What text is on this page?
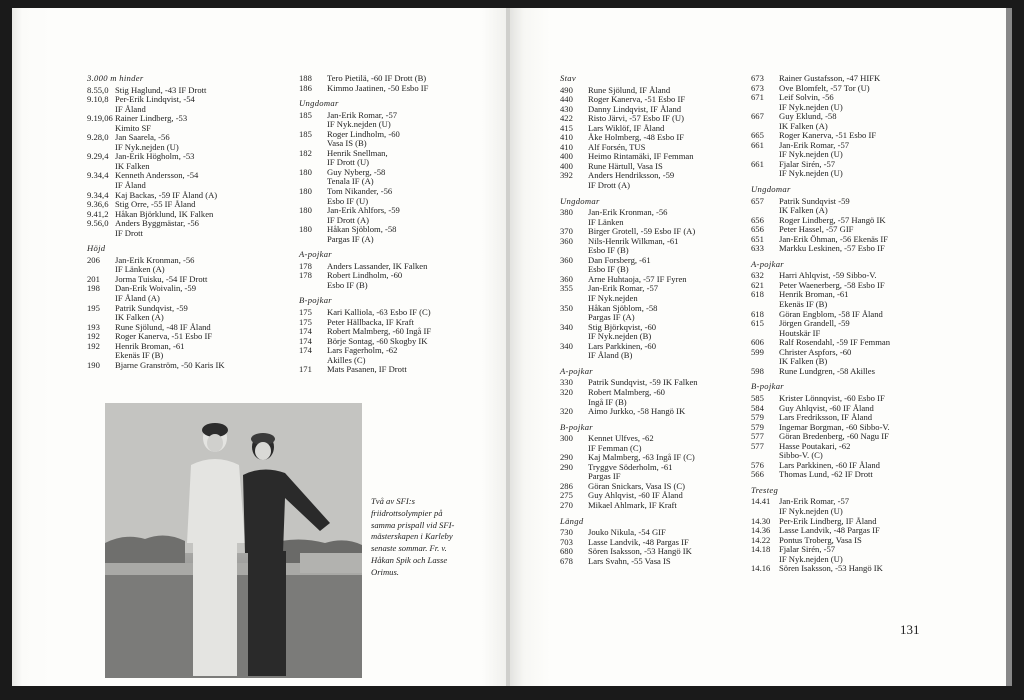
3.000 m hinder
8.55,0 Stig Haglund, -43 IF Drott
9.10,8 Per-Erik Lindqvist, -54
IF Åland
9.19,06 Rainer Lindberg, -53
Kimito SF
9.28,0 Jan Saarela, -56
IF Nyk.nejden (U)
9.29,4 Jan-Erik Högholm, -53
IK Falken
9.34,4 Kenneth Andersson, -54
IF Åland
9.34,4 Kaj Backas, -59 IF Åland (A)
9.36,6 Stig Orre, -55 IF Åland
9.41,2 Håkan Björklund, IK Falken
9.56,0 Anders Byggmästar, -56
IF Drott
Höjd
206	Jan-Erik Kronman, -56
IF Länken (A)
201	Jorma Tuisku, -54 IF Drott
198	Dan-Erik Woivalin, -59
IF Åland (A)
195	Patrik Sundqvist, -59
IK Falken (A)
193	Rune Sjölund, -48 IF Åland
192	Roger Kanerva, -51 Esbo IF
192	Henrik Broman, -61
Ekenäs IF (B)
190	Bjarne Granström, -50 Karis IK
188	Tero Pietilä, -60 IF Drott (B)
186	Kimmo Jaatinen, -50 Esbo IF
Ungdomar
185	Jan-Erik Romar, -57
IF Nyk.nejden (U)
185	Roger Lindholm, -60
Vasa IS (B)
182	Henrik Snellman,
IF Drott (U)
180	Guy Nyberg, -58
Tenala IF (A)
180	Tom Nikander, -56
Esbo IF (U)
180	Jan-Erik Ahlfors, -59
IF Drott (A)
180	Håkan Sjöblom, -58
Pargas IF (A)
A-pojkar
178	Anders Lassander, IK Falken
178	Robert Lindholm, -60
Esbo IF (B)
B-pojkar
175	Kari Kalliola, -63 Esbo IF (C)
175	Peter Hällbacka, IF Kraft
174	Robert Malmberg, -60 Ingå IF
174	Börje Sontag, -60 Skogby IK
174	Lars Fagerholm, -62
Akilles (C)
171	Mats Pasanen, IF Drott
Stav
490	Rune Sjölund, IF Åland
440	Roger Kanerva, -51 Esbo IF
430	Danny Lindqvist, IF Åland
422	Risto Järvi, -57 Esbo IF (U)
415	Lars Wiklöf, IF Åland
410	Åke Holmberg, -48 Esbo IF
410	Alf Forsén, TUS
400	Heimo Rintamäki, IF Femman
400	Rune Härtull, Vasa IS
392	Anders Hendriksson, -59
IF Drott (A)
Ungdomar
380	Jan-Erik Kronman, -56
IF Länken
370	Birger Grotell, -59 Esbo IF (A)
360	Nils-Henrik Wilkman, -61
Esbo IF (B)
360	Dan Forsberg, -61
Esbo IF (B)
360	Arne Huhtaoja, -57 IF Fyren
355	Jan-Erik Romar, -57
IF Nyk.nejden
350	Håkan Sjöblom, -58
Pargas IF (A)
340	Stig Björkqvist, -60
IF Nyk.nejden (B)
340	Lars Parkkinen, -60
IF Åland (B)
A-pojkar
330	Patrik Sundqvist, -59 IK Falken
320	Robert Malmberg, -60
Ingå IF (B)
320	Aimo Jurkko, -58 Hangö IK
B-pojkar
300	Kennet Ulfves, -62
IF Femman (C)
290	Kaj Malmberg, -63 Ingå IF (C)
290	Tryggve Söderholm, -61
Pargas IF
286	Göran Snickars, Vasa IS (C)
275	Guy Ahlqvist, -60 IF Åland
270	Mikael Ahlmark, IF Kraft
Längd
730	Jouko Nikula, -54 GIF
703	Lasse Landvik, -48 Pargas IF
680	Sören Isaksson, -53 Hangö IK
678	Lars Svahn, -55 Vasa IS
673	Rainer Gustafsson, -47 HIFK
673	Ove Blomfelt, -57 Tor (U)
671	Leif Solvin, -56
IF Nyk.nejden (U)
667	Guy Eklund, -58
IK Falken (A)
665	Roger Kanerva, -51 Esbo IF
661	Jan-Erik Romar, -57
IF Nyk.nejden (U)
661	Fjalar Sirén, -57
IF Nyk.nejden (U)
Ungdomar
657	Patrik Sundqvist -59
IK Falken (A)
656	Roger Lindberg, -57 Hangö IK
656	Peter Hassel, -57 GIF
651	Jan-Erik Öhman, -56 Ekenäs IF
633	Markku Leskinen, -57 Esbo IF
A-pojkar
632	Harri Ahlqvist, -59 Sibbo-V.
621	Peter Waenerberg, -58 Esbo IF
618	Henrik Broman, -61
Ekenäs IF (B)
618	Göran Engblom, -58 IF Åland
615	Jörgen Grandell, -59
Houtskär IF
606	Ralf Rosendahl, -59 IF Femman
599	Christer Aspfors, -60
IK Falken (B)
598	Rune Lundgren, -58 Akilles
B-pojkar
585	Krister Lönnqvist, -60 Esbo IF
584	Guy Ahlqvist, -60 IF Åland
579	Lars Fredriksson, IF Åland
579	Ingemar Borgman, -60 Sibbo-V.
577	Göran Bredenberg, -60 Nagu IF
577	Hasse Poutakari, -62
Sibbo-V. (C)
576	Lars Parkkinen, -60 IF Åland
566	Thomas Lund, -62 IF Drott
Tresteg
14.41	Jan-Erik Romar, -57
IF Nyk.nejden (U)
14.30	Per-Erik Lindberg, IF Åland
14.36	Lasse Landvik, -48 Pargas IF
14.22	Pontus Troberg, Vasa IS
14.18	Fjalar Sirén, -57
IF Nyk.nejden (U)
14.16	Sören Isaksson, -53 Hangö IK
Två av SFI:s friidrottsolympier på samma prispall vid SFI-mästerskapen i Karleby senaste sommar. Fr. v. Håkan Spik och Lasse Orimus.
131
